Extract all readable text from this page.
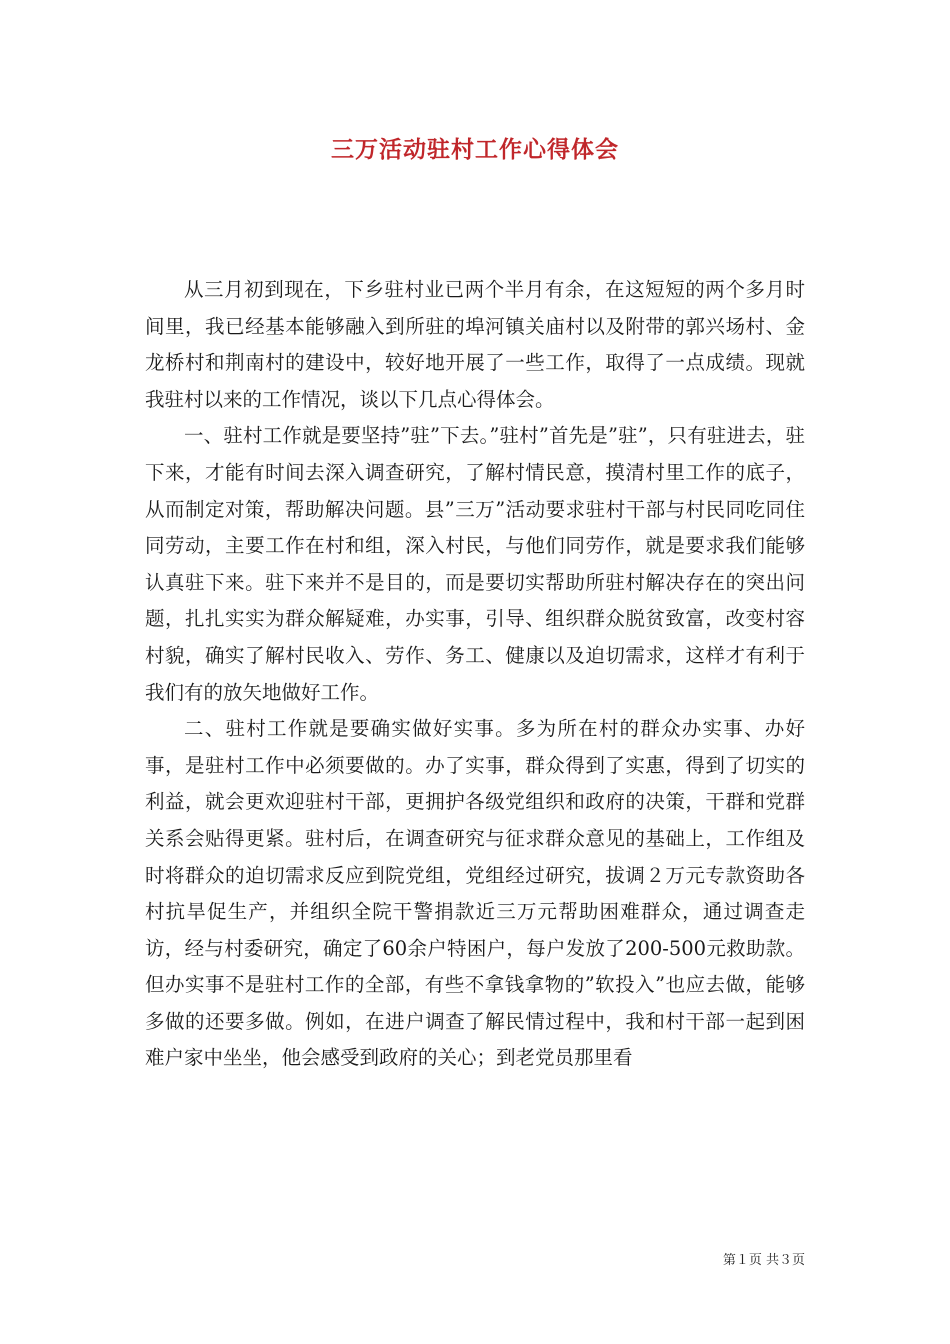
三万活动驻村工作心得体会

从三月初到现在，下乡驻村业已两个半月有余，在这短短的两个多月时间里，我已经基本能够融入到所驻的埠河镇关庙村以及附带的郭兴场村、金龙桥村和荆南村的建设中，较好地开展了一些工作，取得了一点成绩。现就我驻村以来的工作情况，谈以下几点心得体会。

一、驻村工作就是要坚持”驻”下去。”驻村”首先是”驻”，只有驻进去，驻下来，才能有时间去深入调查研究，了解村情民意，摸清村里工作的底子，从而制定对策，帮助解决问题。县”三万”活动要求驻村干部与村民同吃同住同劳动，主要工作在村和组，深入村民，与他们同劳作，就是要求我们能够认真驻下来。驻下来并不是目的，而是要切实帮助所驻村解决存在的突出问题，扎扎实实为群众解疑难，办实事，引导、组织群众脱贫致富，改变村容村貌，确实了解村民收入、劳作、务工、健康以及迫切需求，这样才有利于我们有的放矢地做好工作。

二、驻村工作就是要确实做好实事。多为所在村的群众办实事、办好事，是驻村工作中必须要做的。办了实事，群众得到了实惠，得到了切实的利益，就会更欢迎驻村干部，更拥护各级党组织和政府的决策，干群和党群关系会贴得更紧。驻村后，在调查研究与征求群众意见的基础上，工作组及时将群众的迫切需求反应到院党组，党组经过研究，拔调２万元专款资助各村抗旱促生产，并组织全院干警捐款近三万元帮助困难群众，通过调查走访，经与村委研究，确定了60余户特困户，每户发放了200-500元救助款。但办实事不是驻村工作的全部，有些不拿钱拿物的”软投入”也应去做，能够多做的还要多做。例如，在进户调查了解民情过程中，我和村干部一起到困难户家中坐坐，他会感受到政府的关心；到老党员那里看

第１页 共３页
